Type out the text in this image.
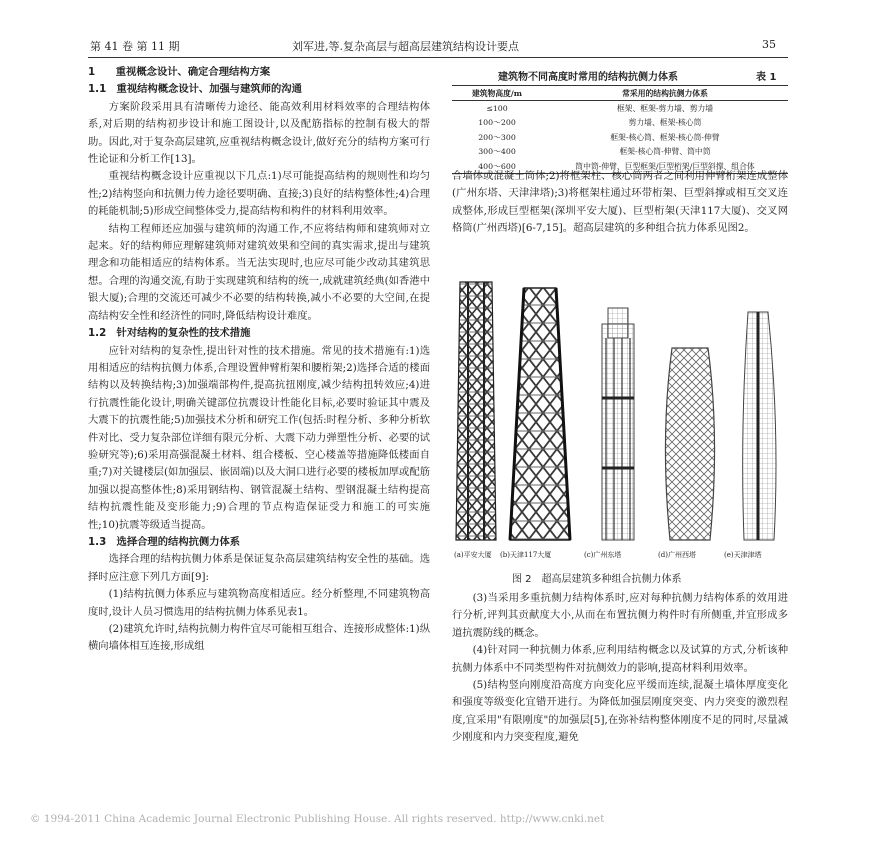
第 41 卷 第 11 期	刘军进,等.复杂高层与超高层建筑结构设计要点	35
1　　重视概念设计、确定合理结构方案
1.1　重视结构概念设计、加强与建筑师的沟通

方案阶段采用具有清晰传力途径、能高效利用材料效率的合理结构体系,对后期的结构初步设计和施工图设计,以及配筋指标的控制有极大的帮助。因此,对于复杂高层建筑,应重视结构概念设计,做好充分的结构方案可行性论证和分析工作[13]。

重视结构概念设计应重视以下几点:1)尽可能提高结构的规则性和均匀性;2)结构竖向和抗侧力传力途径要明确、直接;3)良好的结构整体性;4)合理的耗能机制;5)形成空间整体受力,提高结构和构件的材料利用效率。

结构工程师还应加强与建筑师的沟通工作,不应将结构师和建筑师对立起来。好的结构师应理解建筑师对建筑效果和空间的真实需求,提出与建筑理念和功能相适应的结构体系。当无法实现时,也应尽可能少改动其建筑思想。合理的沟通交流,有助于实现建筑和结构的统一,成就建筑经典(如香港中银大厦);合理的交流还可减少不必要的结构转换,减小不必要的大空间,在提高结构安全性和经济性的同时,降低结构设计难度。

1.2　针对结构的复杂性的技术措施

应针对结构的复杂性,提出针对性的技术措施。常见的技术措施有:1)选用相适应的结构抗侧力体系,合理设置伸臂桁架和腰桁架;2)选择合适的楼面结构以及转换结构;3)加强端部构件,提高抗扭刚度,减少结构扭转效应;4)进行抗震性能化设计,明确关键部位抗震设计性能化目标,必要时验证其中震及大震下的抗震性能;5)加强技术分析和研究工作(包括:时程分析、多种分析软件对比、受力复杂部位详细有限元分析、大震下动力弹塑性分析、必要的试验研究等);6)采用高强混凝土材料、组合楼板、空心楼盖等措施降低楼面自重;7)对关键楼层(如加强层、嵌固端)以及大洞口进行必要的楼板加厚或配筋加强以提高整体性;8)采用钢结构、钢管混凝土结构、型钢混凝土结构提高结构抗震性能及变形能力;9)合理的节点构造保证受力和施工的可实施性;10)抗震等级适当提高。

1.3　选择合理的结构抗侧力体系

选择合理的结构抗侧力体系是保证复杂高层建筑结构安全性的基础。选择时应注意下列几方面[9]:

(1)结构抗侧力体系应与建筑物高度相适应。经分析整理,不同建筑物高度时,设计人员习惯选用的结构抗侧力体系见表1。

(2)建筑允许时,结构抗侧力构件宜尽可能相互组合、连接形成整体:1)纵横向墙体相互连接,形成组

建筑物不同高度时常用的结构抗侧力体系	表 1
建筑物高度/m	常采用的结构抗侧力体系
≤100	框架、框架-剪力墙、剪力墙
100～200	剪力墙、框架-核心筒
200～300	框架-核心筒、框架-核心筒-伸臂
300～400	框架-核心筒-伸臂、筒中筒
400～600	筒中筒-伸臂、巨型框架/巨型桁架/巨型斜撑、组合体

合墙体或混凝土筒体;2)将框架柱、核心筒两者之间利用伸臂桁架连成整体(广州东塔、天津津塔);3)将框架柱通过环带桁架、巨型斜撑或相互交叉连成整体,形成巨型框架(深圳平安大厦)、巨型桁架(天津117大厦)、交叉网格筒(广州西塔)[6-7,15]。超高层建筑的多种组合抗力体系见图2。

(a)平安大厦 (b)天津117大厦	(c)广州东塔	(d)广州西塔	(e)天津津塔
图 2　超高层建筑多种组合抗侧力体系

(3)当采用多重抗侧力结构体系时,应对每种抗侧力结构体系的效用进行分析,评判其贡献度大小,从而在布置抗侧力构件时有所侧重,并宜形成多道抗震防线的概念。

(4)针对同一种抗侧力体系,应利用结构概念以及试算的方式,分析该种抗侧力体系中不同类型构件对抗侧效力的影响,提高材料利用效率。

(5)结构竖向刚度沿高度方向变化应平缓而连续,混凝土墙体厚度变化和强度等级变化宜错开进行。为降低加强层刚度突变、内力突变的激烈程度,宜采用"有限刚度"的加强层[5],在弥补结构整体刚度不足的同时,尽量减少刚度和内力突变程度,避免

© 1994-2011 China Academic Journal Electronic Publishing House. All rights reserved. http://www.cnki.net
